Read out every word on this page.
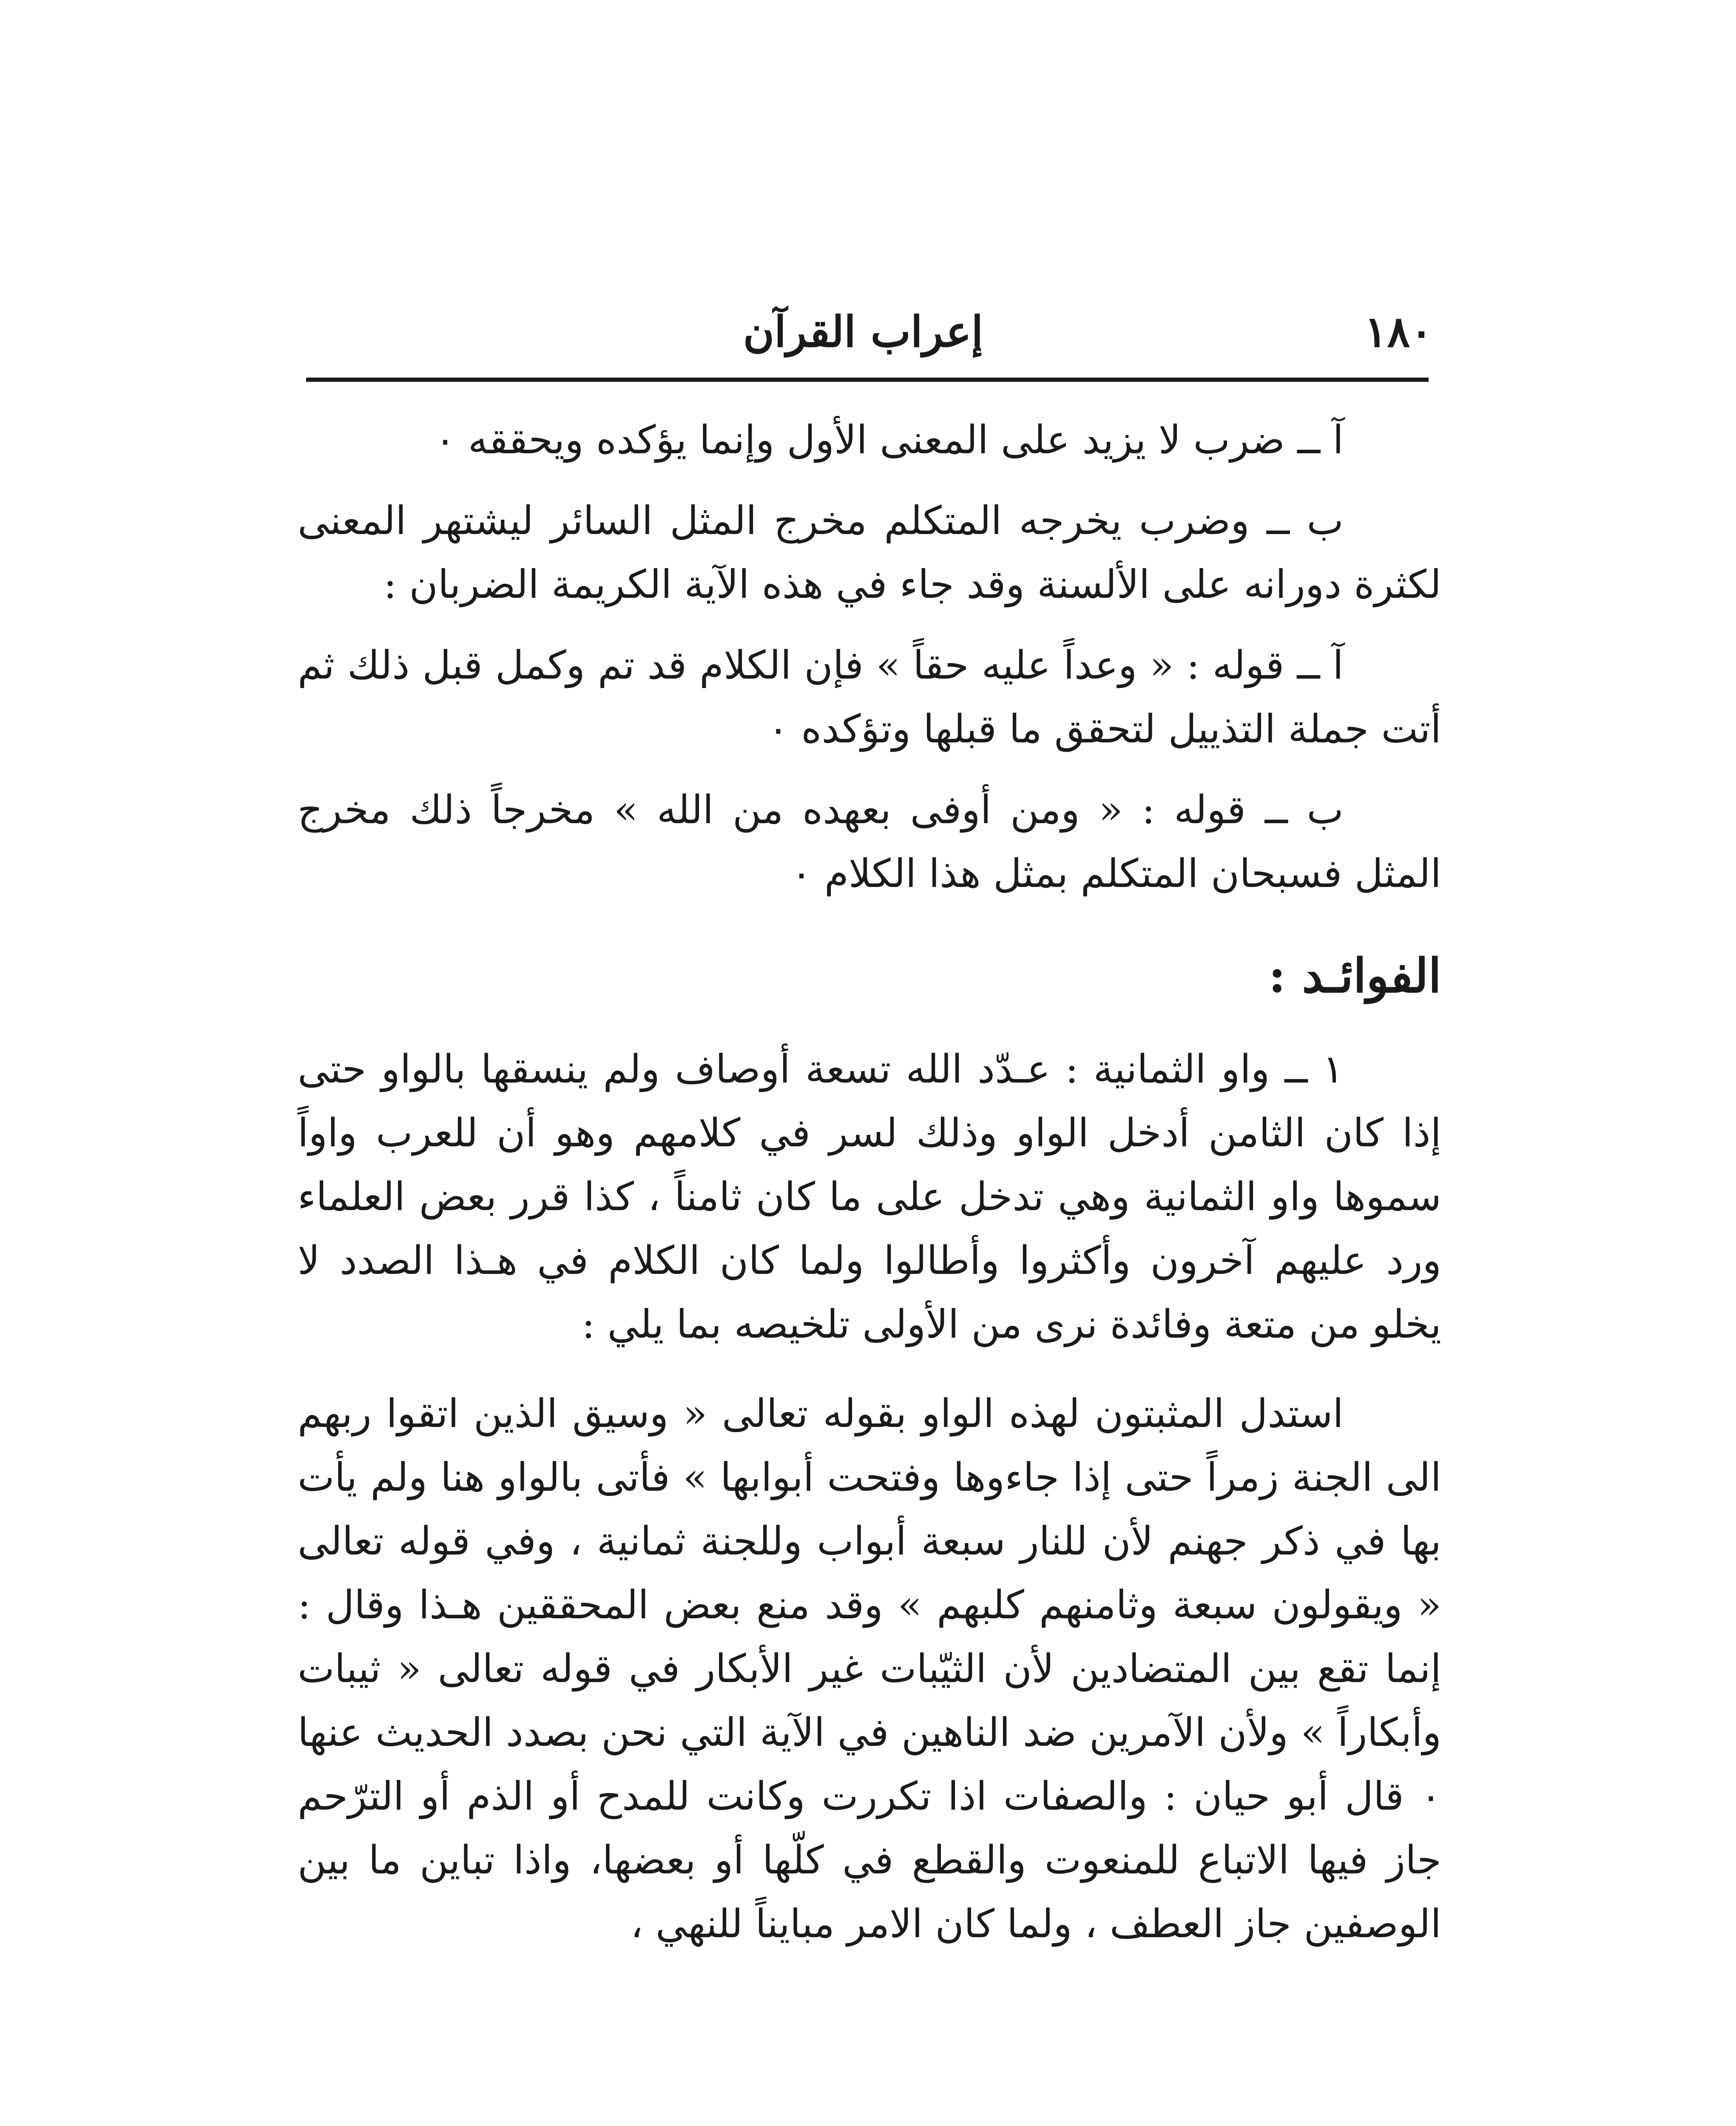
١٨٠
إعراب القرآن

آ ــ ضرب لا يزيد على المعنى الأول وإنما يؤكده ويحققه ٠

ب ــ وضرب يخرجه المتكلم مخرج المثل السائر ليشتهر المعنى لكثرة دورانه على الألسنة وقد جاء في هذه الآية الكريمة الضربان :

آ ــ قوله : « وعداً عليه حقاً » فإن الكلام قد تم وكمل قبل ذلك ثم أتت جملة التذييل لتحقق ما قبلها وتؤكده ٠

ب ــ قوله : « ومن أوفى بعهده من الله » مخرجاً ذلك مخرج المثل فسبحان المتكلم بمثل هذا الكلام ٠

الفوائـد :

١ ــ واو الثمانية : عـدّد الله تسعة أوصاف ولم ينسقها بالواو حتى إذا كان الثامن أدخل الواو وذلك لسر في كلامهم وهو أن للعرب واواً سموها واو الثمانية وهي تدخل على ما كان ثامناً ، كذا قرر بعض العلماء ورد عليهم آخرون وأكثروا وأطالوا ولما كان الكلام في هـذا الصدد لا يخلو من متعة وفائدة نرى من الأولى تلخيصه بما يلي :

استدل المثبتون لهذه الواو بقوله تعالى « وسيق الذين اتقوا ربهم الى الجنة زمراً حتى إذا جاءوها وفتحت أبوابها » فأتى بالواو هنا ولم يأت بها في ذكر جهنم لأن للنار سبعة أبواب وللجنة ثمانية ، وفي قوله تعالى « ويقولون سبعة وثامنهم كلبهم » وقد منع بعض المحققين هـذا وقال : إنما تقع بين المتضادين لأن الثيّبات غير الأبكار في قوله تعالى « ثيبات وأبكاراً » ولأن الآمرين ضد الناهين في الآية التي نحن بصدد الحديث عنها ٠ قال أبو حيان : والصفات اذا تكررت وكانت للمدح أو الذم أو الترّحم جاز فيها الاتباع للمنعوت والقطع في كلّها أو بعضها، واذا تباين ما بين الوصفين جاز العطف ، ولما كان الامر مبايناً للنهي ،
